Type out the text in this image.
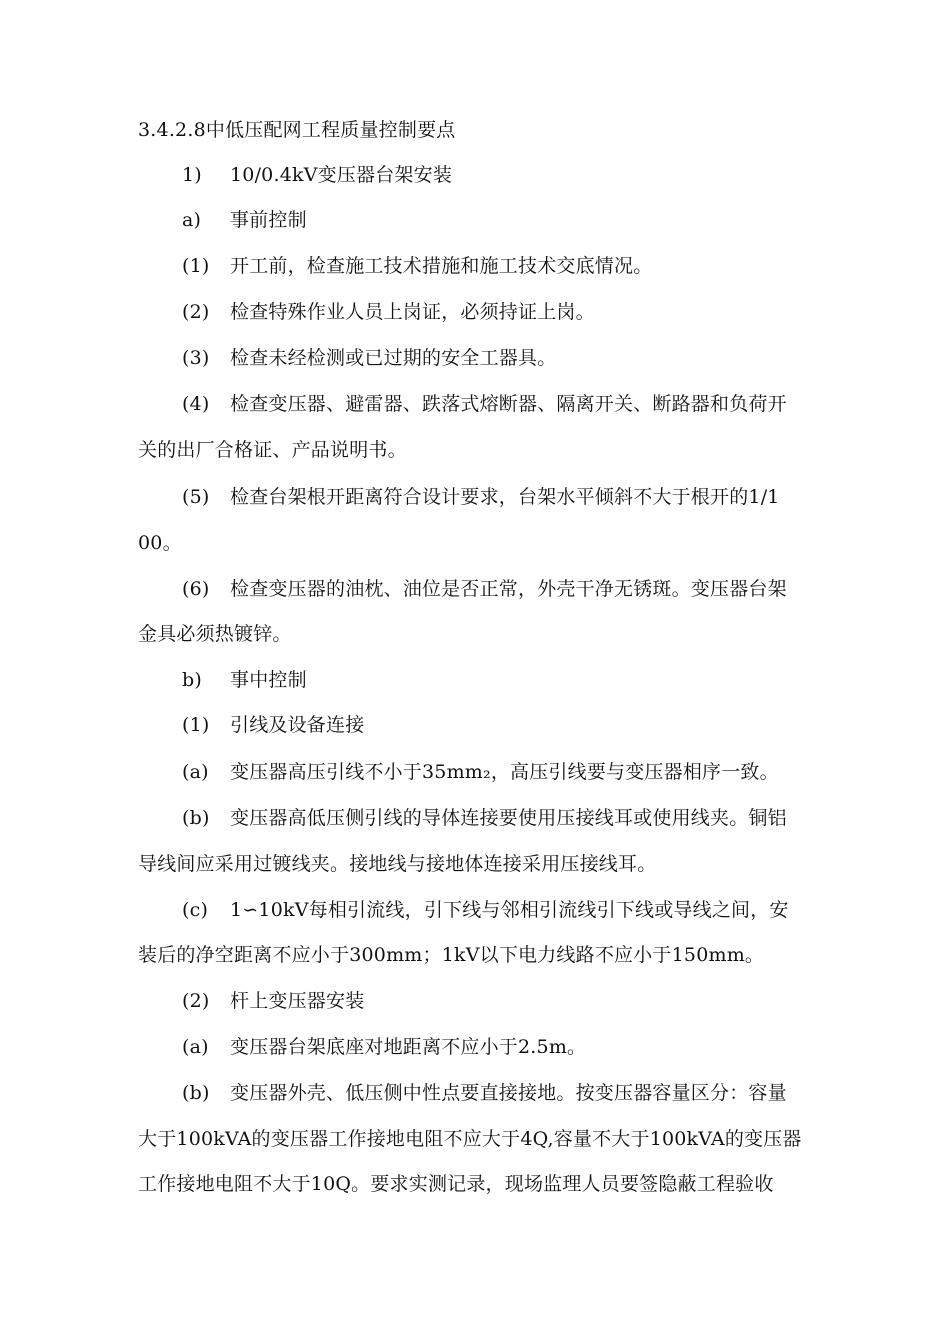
3.4.2.8中低压配网工程质量控制要点
1) 10/0.4kV变压器台架安装
a) 事前控制
(1) 开工前，检查施工技术措施和施工技术交底情况。
(2) 检查特殊作业人员上岗证，必须持证上岗。
(3) 检查未经检测或已过期的安全工器具。
(4) 检查变压器、避雷器、跌落式熔断器、隔离开关、断路器和负荷开
关的出厂合格证、产品说明书。
(5) 检查台架根开距离符合设计要求，台架水平倾斜不大于根开的1/1
00。
(6) 检查变压器的油枕、油位是否正常，外壳干净无锈斑。变压器台架
金具必须热镀锌。
b) 事中控制
(1) 引线及设备连接
(a) 变压器高压引线不小于35mm₂，高压引线要与变压器相序一致。
(b) 变压器高低压侧引线的导体连接要使用压接线耳或使用线夹。铜铝
导线间应采用过镀线夹。接地线与接地体连接采用压接线耳。
(c) 1∽10kV每相引流线，引下线与邻相引流线引下线或导线之间，安
装后的净空距离不应小于300mm；1kV以下电力线路不应小于150mm。
(2) 杆上变压器安装
(a) 变压器台架底座对地距离不应小于2.5m。
(b) 变压器外壳、低压侧中性点要直接接地。按变压器容量区分：容量
大于100kVA的变压器工作接地电阻不应大于4Q,容量不大于100kVA的变压器
工作接地电阻不大于10Q。要求实测记录，现场监理人员要签隐蔽工程验收
